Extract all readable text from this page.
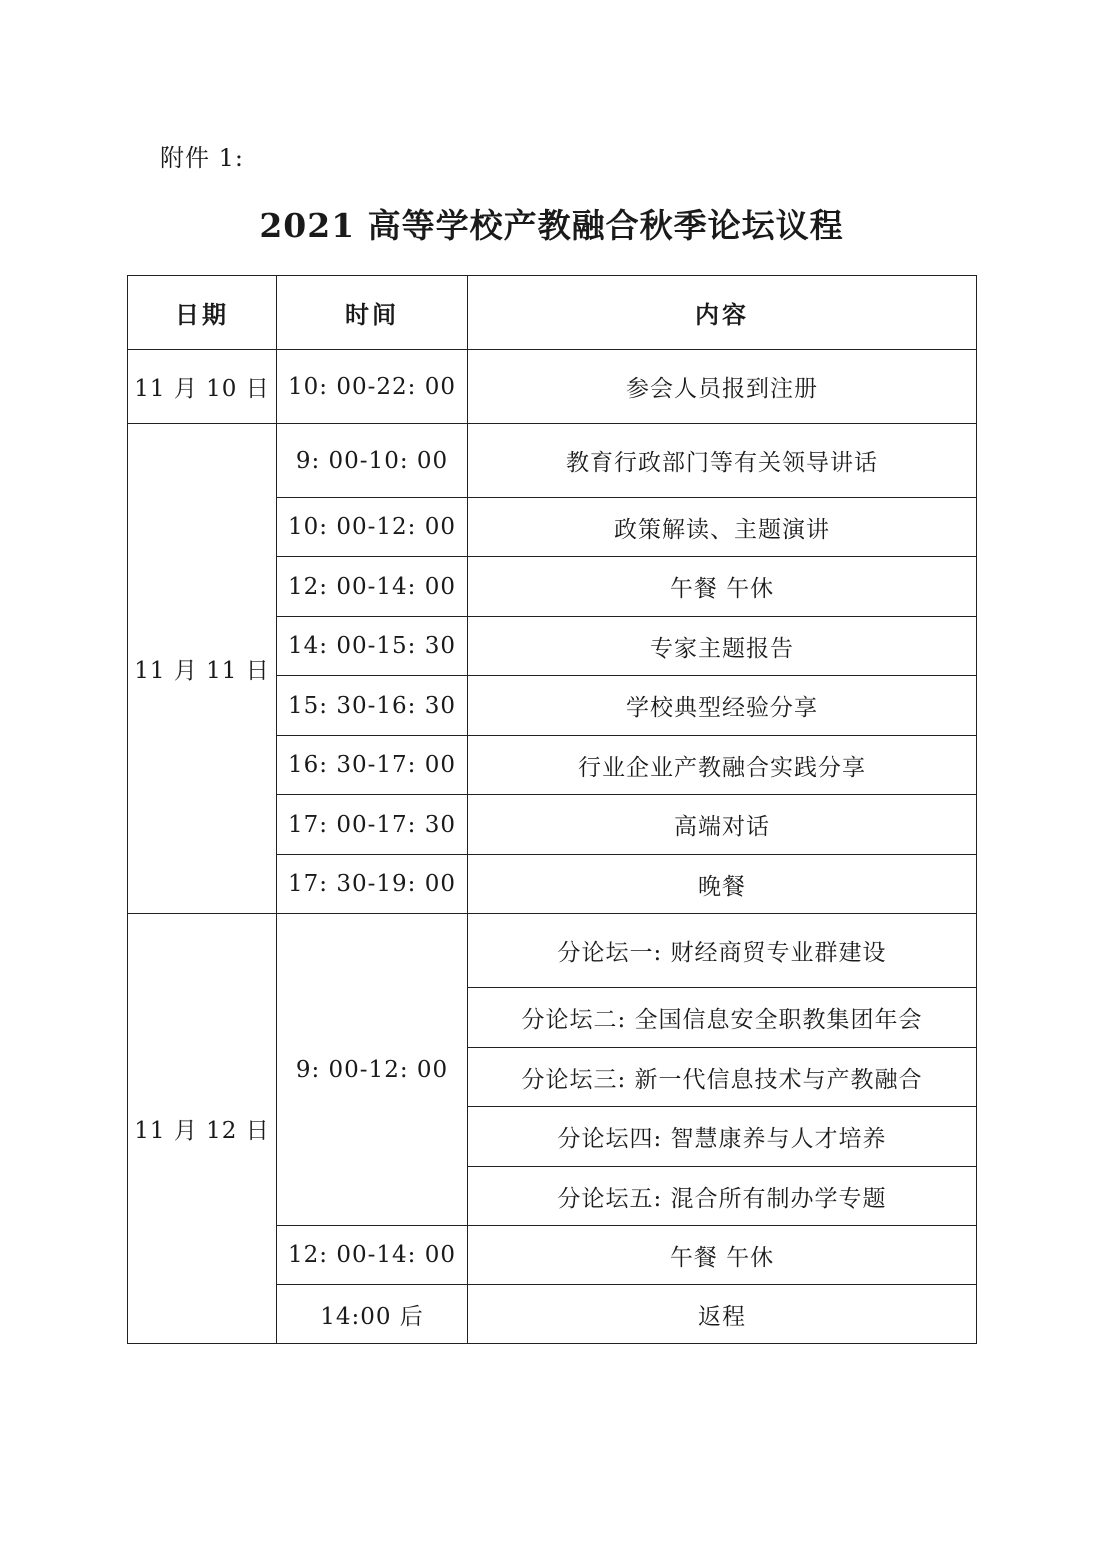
附件 1:
2021 高等学校产教融合秋季论坛议程
日期	时间	内容
11 月 10 日	10: 00-22: 00	参会人员报到注册
11 月 11 日	9: 00-10: 00	教育行政部门等有关领导讲话
	10: 00-12: 00	政策解读、主题演讲
	12: 00-14: 00	午餐 午休
	14: 00-15: 30	专家主题报告
	15: 30-16: 30	学校典型经验分享
	16: 30-17: 00	行业企业产教融合实践分享
	17: 00-17: 30	高端对话
	17: 30-19: 00	晚餐
11 月 12 日	9: 00-12: 00	分论坛一: 财经商贸专业群建设
		分论坛二: 全国信息安全职教集团年会
		分论坛三: 新一代信息技术与产教融合
		分论坛四: 智慧康养与人才培养
		分论坛五: 混合所有制办学专题
	12: 00-14: 00	午餐 午休
	14:00 后	返程
